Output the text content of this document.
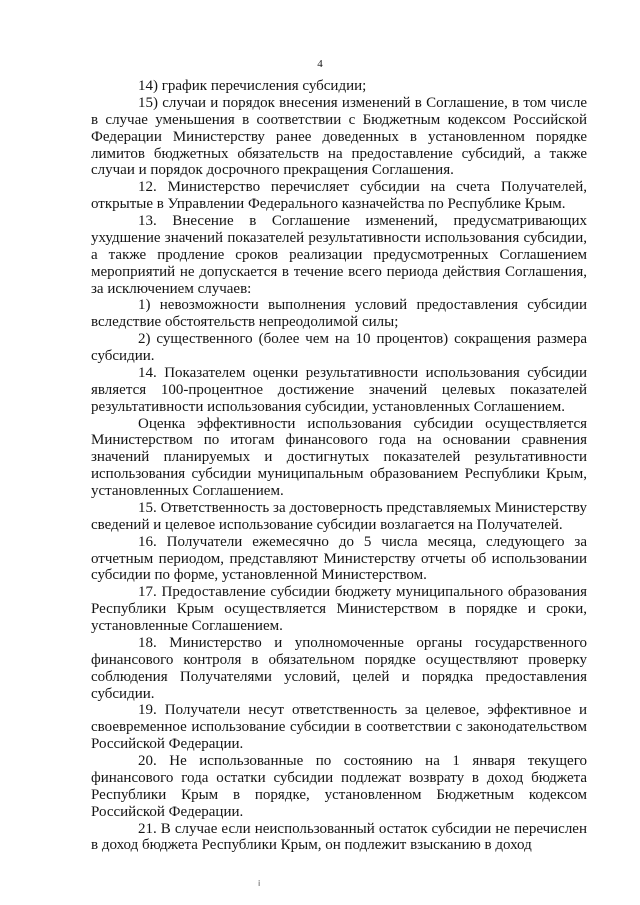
4

14) график перечисления субсидии;

15) случаи и порядок внесения изменений в Соглашение, в том числе в случае уменьшения в соответствии с Бюджетным кодексом Российской Федерации Министерству ранее доведенных в установленном порядке лимитов бюджетных обязательств на предоставление субсидий, а также случаи и порядок досрочного прекращения Соглашения.

12. Министерство перечисляет субсидии на счета Получателей, открытые в Управлении Федерального казначейства по Республике Крым.

13. Внесение в Соглашение изменений, предусматривающих ухудшение значений показателей результативности использования субсидии, а также продление сроков реализации предусмотренных Соглашением мероприятий не допускается в течение всего периода действия Соглашения, за исключением случаев:

1) невозможности выполнения условий предоставления субсидии вследствие обстоятельств непреодолимой силы;

2) существенного (более чем на 10 процентов) сокращения размера субсидии.

14. Показателем оценки результативности использования субсидии является 100-процентное достижение значений целевых показателей результативности использования субсидии, установленных Соглашением.

Оценка эффективности использования субсидии осуществляется Министерством по итогам финансового года на основании сравнения значений планируемых и достигнутых показателей результативности использования субсидии муниципальным образованием Республики Крым, установленных Соглашением.

15. Ответственность за достоверность представляемых Министерству сведений и целевое использование субсидии возлагается на Получателей.

16. Получатели ежемесячно до 5 числа месяца, следующего за отчетным периодом, представляют Министерству отчеты об использовании субсидии по форме, установленной Министерством.

17. Предоставление субсидии бюджету муниципального образования Республики Крым осуществляется Министерством в порядке и сроки, установленные Соглашением.

18. Министерство и уполномоченные органы государственного финансового контроля в обязательном порядке осуществляют проверку соблюдения Получателями условий, целей и порядка предоставления субсидии.

19. Получатели несут ответственность за целевое, эффективное и своевременное использование субсидии в соответствии с законодательством Российской Федерации.

20. Не использованные по состоянию на 1 января текущего финансового года остатки субсидии подлежат возврату в доход бюджета Республики Крым в порядке, установленном Бюджетным кодексом Российской Федерации.

21. В случае если неиспользованный остаток субсидии не перечислен в доход бюджета Республики Крым, он подлежит взысканию в доход

і
